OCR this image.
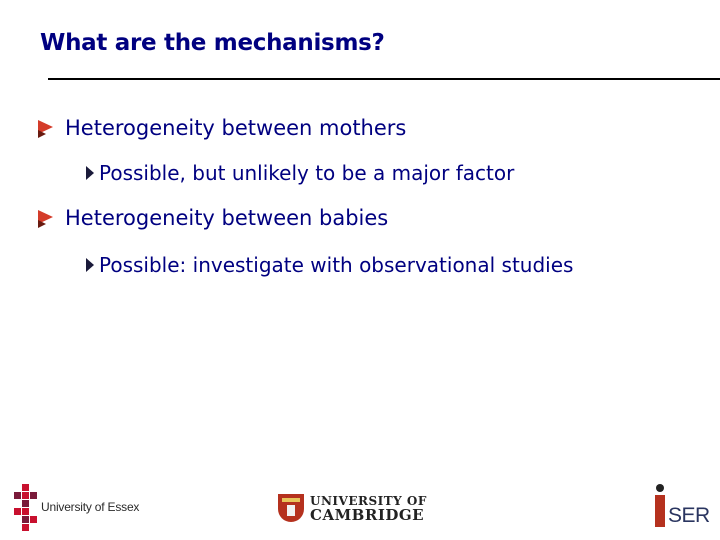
What are the mechanisms?
Heterogeneity between mothers
Possible, but unlikely to be a major factor
Heterogeneity between babies
Possible: investigate with observational studies
University of Essex	UNIVERSITY OF
CAMBRIDGE	SER
